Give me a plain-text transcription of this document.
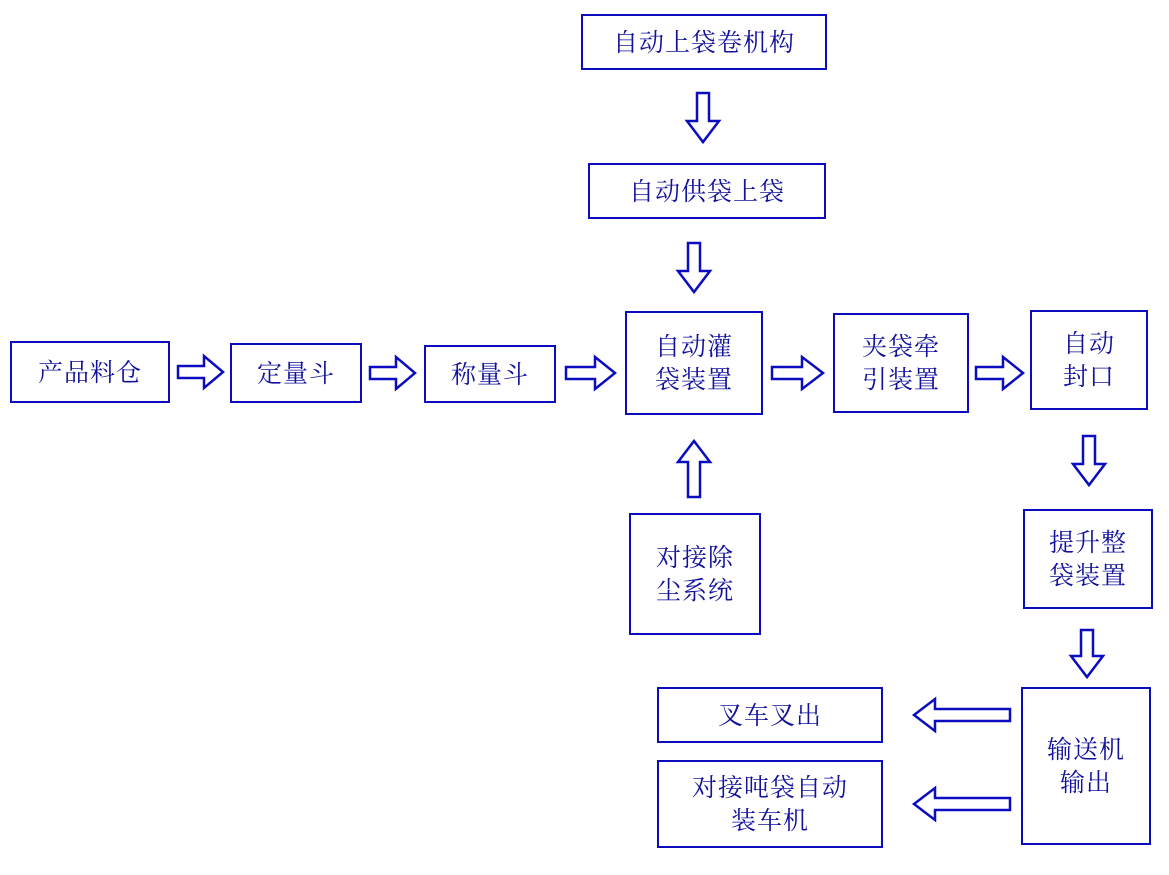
自动上袋卷机构
自动供袋上袋
产品料仓	定量斗	称量斗
自动灌
袋装置
夹袋牵
引装置
自动
封口
对接除
尘系统
提升整
袋装置
输送机
输出
叉车叉出
对接吨袋自动
装车机
